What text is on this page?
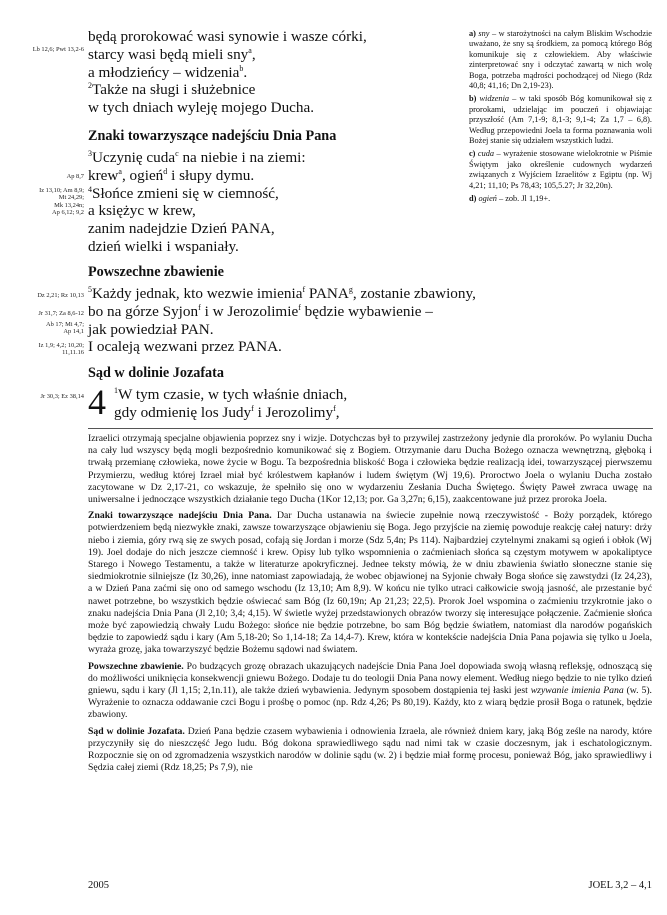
Lb 12,6; Pwt 13,2-6
Ap 8,7
Iz 13,10; Am 8,9;
Mt 24,29;
Mk 13,24n;
Ap 6,12; 9,2
Dz 2,21; Rz 10,13
Jr 31,7; Za 8,6-12
Ab 17; Mi 4,7;
Ap 14,1
Iz 1,9; 4,2; 10,20;
11,11.16
Jr 30,3; Ez 38,14
będą prorokować wasi synowie i wasze córki,
starcy wasi będą mieli sny$^a$,
a młodzieńcy – widzenia$^b$.
$^2$Także na sługi i służebnice
w tych dniach wyleję mojego Ducha.
Znaki towarzyszące nadejściu Dnia Pana
$^3$Uczynię cuda$^c$ na niebie i na ziemi:
krew$^a$, ogień$^d$ i słupy dymu.
$^4$Słońce zmieni się w ciemność,
a księżyc w krew,
zanim nadejdzie Dzień PANA,
dzień wielki i wspaniały.
Powszechne zbawienie
$^5$Każdy jednak, kto wezwie imienia$^f$ PANA$^g$, zostanie zbawiony,
bo na górze Syjon$^f$ i w Jerozolimie$^f$ będzie wybawienie –
jak powiedział PAN.
I ocaleją wezwani przez PANA.
Sąd w dolinie Jozafata
4 $^1$W tym czasie, w tych właśnie dniach,
gdy odmienię los Judy$^f$ i Jerozolimy$^f$,

a) sny – w starożytności na całym Bliskim Wschodzie uważano, że sny są środkiem, za pomocą którego Bóg komunikuje się z człowiekiem. Aby właściwie zinterpretować sny i odczytać zawartą w nich wolę Boga, potrzeba mądrości pochodzącej od Niego (Rdz 40,8; 41,16; Dn 2,19-23).

b) widzenia – w taki sposób Bóg komunikował się z prorokami, udzielając im pouczeń i objawiając przyszłość (Am 7,1-9; 8,1-3; 9,1-4; Za 1,7 – 6,8). Według przepowiedni Joela ta forma poznawania woli Bożej stanie się udziałem wszystkich ludzi.

c) cuda – wyrażenie stosowane wielokrotnie w Piśmie Świętym jako określenie cudownych wydarzeń związanych z Wyjściem Izraelitów z Egiptu (np. Wj 4,21; 11,10; Ps 78,43; 105,5.27; Jr 32,20n).

d) ogień – zob. Jl 1,19+.

Izraelici otrzymają specjalne objawienia poprzez sny i wizje. Dotychczas był to przywilej zastrzeżony jedynie dla proroków. Po wylaniu Ducha na cały lud wszyscy będą mogli bezpośrednio komunikować się z Bogiem. Otrzymanie daru Ducha Bożego oznacza wewnętrzną, głęboką i trwałą przemianę człowieka, nowe życie w Bogu. Ta bezpośrednia bliskość Boga i człowieka będzie realizacją idei, towarzyszącej pierwszemu Przymierzu, według której Izrael miał być królestwem kapłanów i ludem świętym (Wj 19,6). Proroctwo Joela o wylaniu Ducha zostało zacytowane w Dz 2,17-21, co wskazuje, że spełniło się ono w wydarzeniu Zesłania Ducha Świętego. Święty Paweł zwraca uwagę na uniwersalne i jednoczące wszystkich działanie tego Ducha (1Kor 12,13; por. Ga 3,27n; 6,15), zaakcentowane już przez proroka Joela.

Znaki towarzyszące nadejściu Dnia Pana. Dar Ducha ustanawia na świecie zupełnie nową rzeczywistość - Boży porządek, którego potwierdzeniem będą niezwykłe znaki, zawsze towarzyszące objawieniu się Boga. Jego przyjście na ziemię powoduje reakcję całej natury: drży niebo i ziemia, góry rwą się ze swych posad, cofają się Jordan i morze (Sdz 5,4n; Ps 114). Najbardziej czytelnymi znakami są ogień i obłok (Wj 19). Joel dodaje do nich jeszcze ciemność i krew. Opisy lub tylko wspomnienia o zaćmieniach słońca są częstym motywem w apokaliptyce Starego i Nowego Testamentu, a także w literaturze apokryficznej. Jednee teksty mówią, że w dniu zbawienia światło słoneczne stanie się siedmiokrotnie silniejsze (Iz 30,26), inne natomiast zapowiadają, że wobec objawionej na Syjonie chwały Boga słońce się zawstydzi (Iz 24,23), a w Dzień Pana zaćmi się ono od samego wschodu (Iz 13,10; Am 8,9). W końcu nie tylko utraci całkowicie swoją jasność, ale przestanie być nawet potrzebne, bo wszystkich będzie oświecać sam Bóg (Iz 60,19n; Ap 21,23; 22,5). Prorok Joel wspomina o zaćmieniu trzykrotnie jako o znaku nadejścia Dnia Pana (Jl 2,10; 3,4; 4,15). W świetle wyżej przedstawionych obrazów tworzy się interesujące połączenie. Zaćmienie słońca może być zapowiedzią chwały Ludu Bożego: słońce nie będzie potrzebne, bo sam Bóg będzie światłem, natomiast dla narodów pogańskich będzie to zapowiedź sądu i kary (Am 5,18-20; So 1,14-18; Za 14,4-7). Krew, która w kontekście nadejścia Dnia Pana pojawia się tylko u Joela, wyraża grozę, jaka towarzyszyć będzie Bożemu sądowi nad światem.

Powszechne zbawienie. Po budzących grozę obrazach ukazujących nadejście Dnia Pana Joel dopowiada swoją własną refleksję, odnoszącą się do możliwości uniknięcia konsekwencji gniewu Bożego. Dodaje tu do teologii Dnia Pana nowy element. Według niego będzie to nie tylko dzień gniewu, sądu i kary (Jl 1,15; 2,1n.11), ale także dzień wybawienia. Jedynym sposobem dostąpienia tej łaski jest wzywanie imienia Pana (w. 5). Wyrażenie to oznacza oddawanie czci Bogu i prośbę o pomoc (np. Rdz 4,26; Ps 80,19). Każdy, kto z wiarą będzie prosił Boga o ratunek, będzie zbawiony.

Sąd w dolinie Jozafata. Dzień Pana będzie czasem wybawienia i odnowienia Izraela, ale również dniem kary, jaką Bóg ześle na narody, które przyczyniły się do nieszczęść Jego ludu. Bóg dokona sprawiedliwego sądu nad nimi tak w czasie doczesnym, jak i eschatologicznym. Rozpocznie się on od zgromadzenia wszystkich narodów w dolinie sądu (w. 2) i będzie miał formę procesu, ponieważ Bóg, jako sprawiedliwy i Sędzia całej ziemi (Rdz 18,25; Ps 7,9), nie

2005	JOEL 3,2 – 4,1
